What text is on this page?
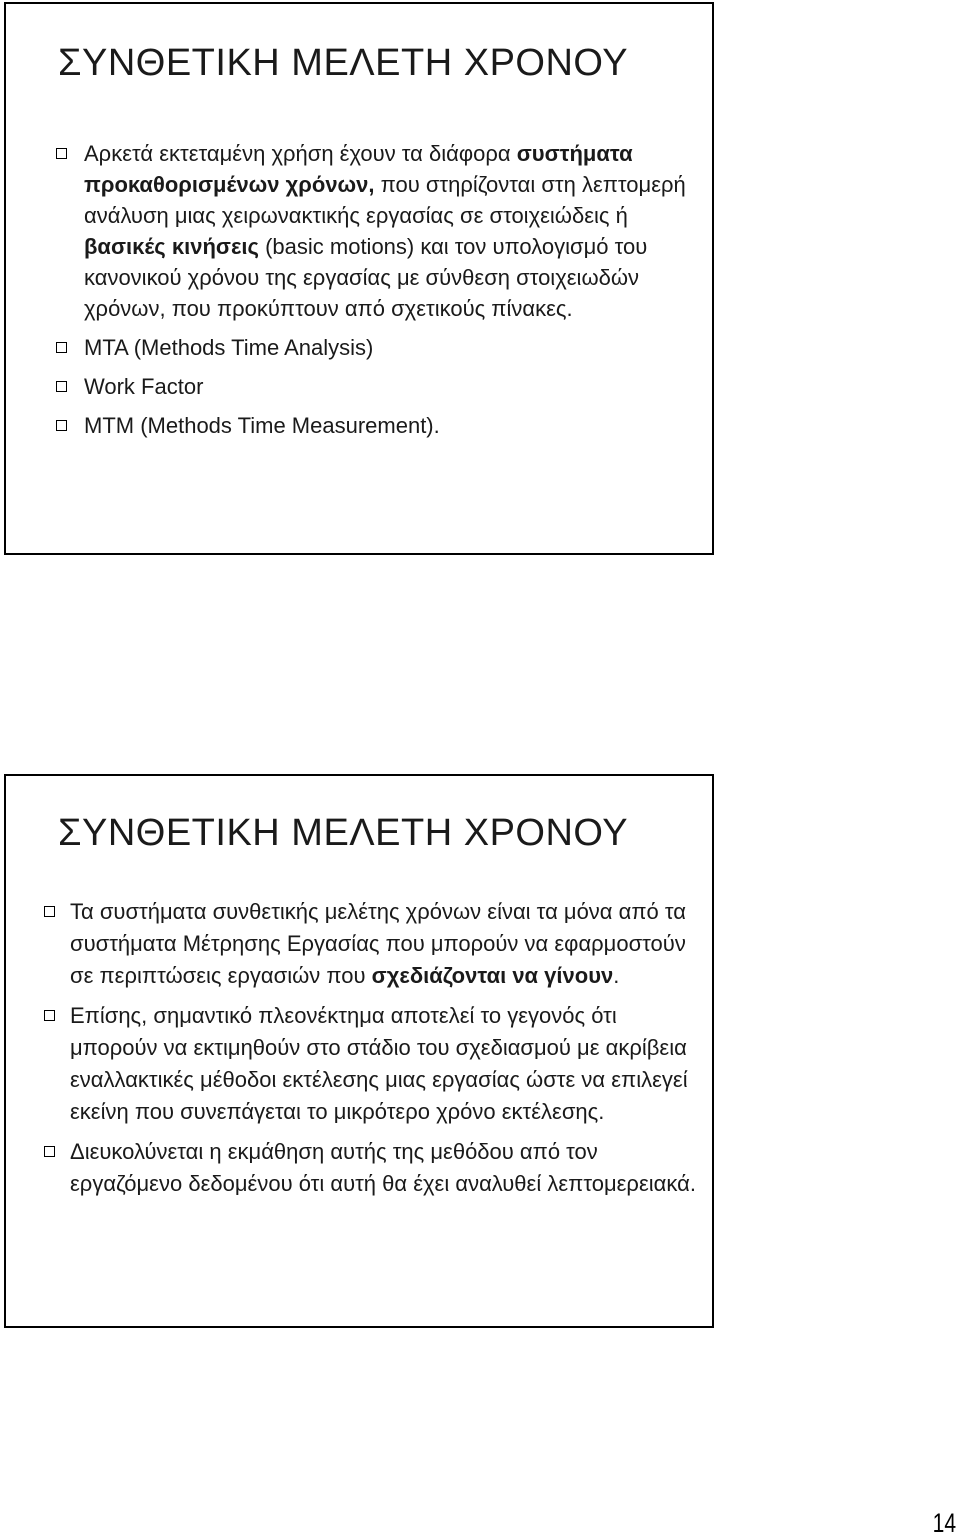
ΣΥΝΘΕΤΙΚΗ ΜΕΛΕΤΗ ΧΡΟΝΟΥ
Αρκετά εκτεταμένη χρήση έχουν τα διάφορα συστήματα προκαθορισμένων χρόνων, που στηρίζονται στη λεπτομερή ανάλυση μιας χειρωνακτικής εργασίας σε στοιχειώδεις ή βασικές κινήσεις (basic motions) και τον υπολογισμό του κανονικού χρόνου της εργασίας με σύνθεση στοιχειωδών χρόνων, που προκύπτουν από σχετικούς πίνακες.
MTA (Methods Time Analysis)
Work Factor
MTM (Methods Time Measurement).
ΣΥΝΘΕΤΙΚΗ ΜΕΛΕΤΗ ΧΡΟΝΟΥ
Τα συστήματα συνθετικής μελέτης χρόνων είναι τα μόνα από τα συστήματα Μέτρησης Εργασίας που μπορούν να εφαρμοστούν σε περιπτώσεις εργασιών που σχεδιάζονται να γίνουν.
Επίσης, σημαντικό πλεονέκτημα αποτελεί το γεγονός ότι μπορούν να εκτιμηθούν στο στάδιο του σχεδιασμού με ακρίβεια εναλλακτικές μέθοδοι εκτέλεσης μιας εργασίας ώστε να επιλεγεί εκείνη που συνεπάγεται το μικρότερο χρόνο εκτέλεσης.
Διευκολύνεται η εκμάθηση αυτής της μεθόδου από τον εργαζόμενο δεδομένου ότι αυτή θα έχει αναλυθεί λεπτομερειακά.
14
